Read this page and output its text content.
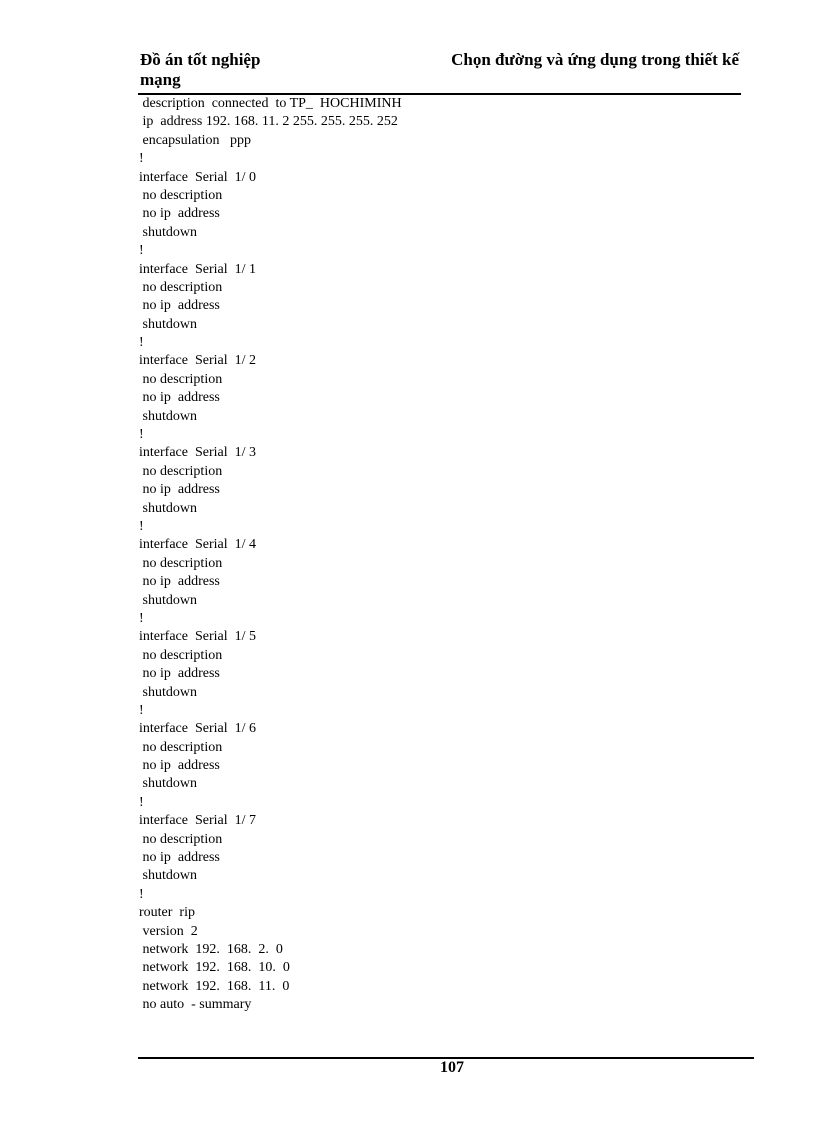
Đồ án tốt nghiệp
mạng
Chọn đường và ứng dụng trong thiết kế
description  connected  to TP_  HOCHIMINH
ip  address 192. 168. 11. 2 255. 255. 255. 252
encapsulation   ppp
!
interface  Serial  1/ 0
no description
no ip  address
shutdown
!
interface  Serial  1/ 1
no description
no ip  address
shutdown
!
interface  Serial  1/ 2
no description
no ip  address
shutdown
!
interface  Serial  1/ 3
no description
no ip  address
shutdown
!
interface  Serial  1/ 4
no description
no ip  address
shutdown
!
interface  Serial  1/ 5
no description
no ip  address
shutdown
!
interface  Serial  1/ 6
no description
no ip  address
shutdown
!
interface  Serial  1/ 7
no description
no ip  address
shutdown
!
router  rip
version  2
network  192.  168.  2.  0
network  192.  168.  10.  0
network  192.  168.  11.  0
no auto  - summary
107
